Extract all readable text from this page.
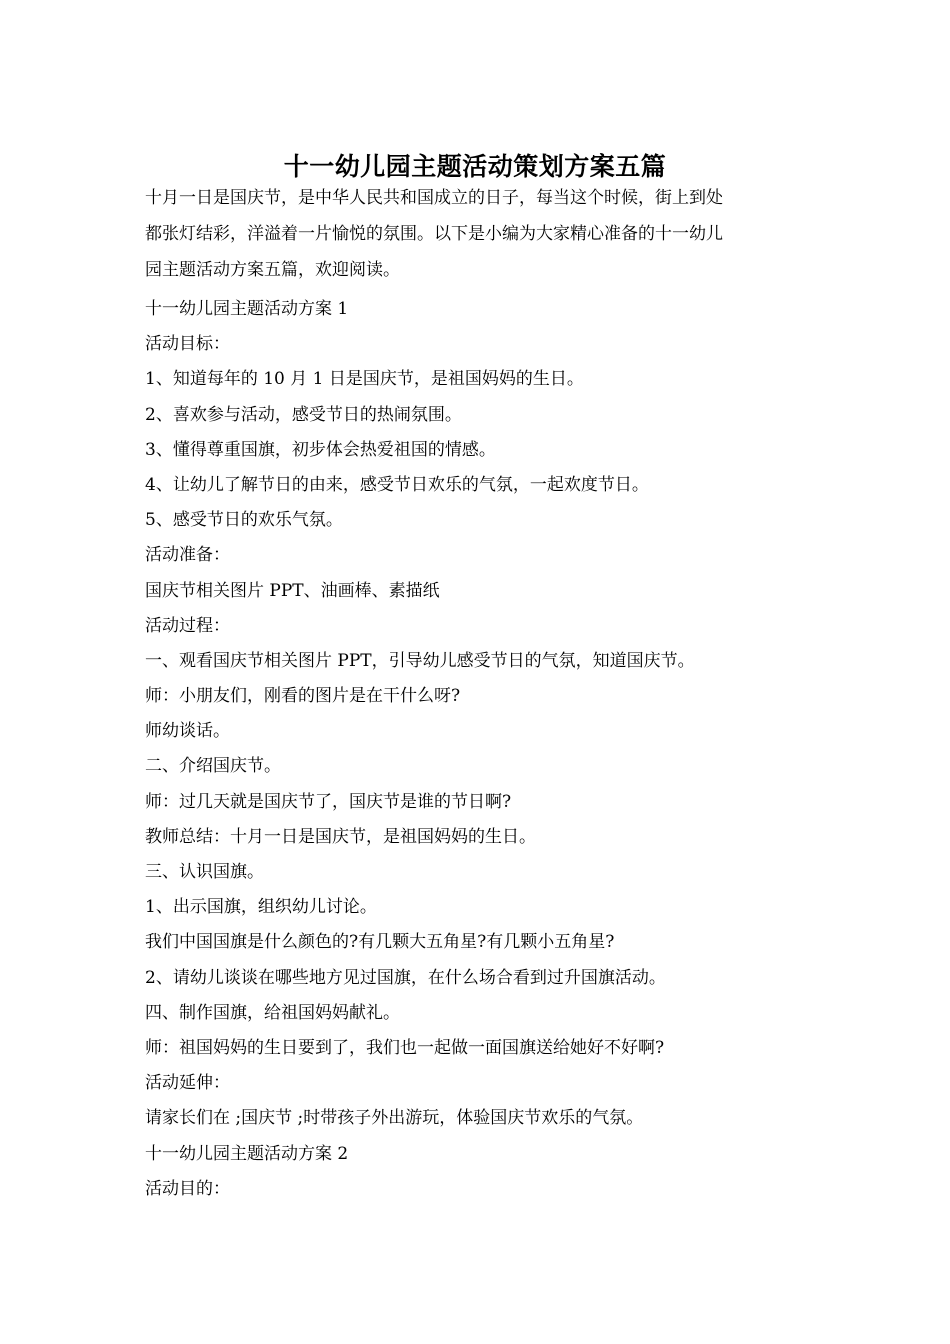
十一幼儿园主题活动策划方案五篇

十月一日是国庆节，是中华人民共和国成立的日子，每当这个时候，街上到处
都张灯结彩，洋溢着一片愉悦的氛围。以下是小编为大家精心准备的十一幼儿
园主题活动方案五篇，欢迎阅读。

十一幼儿园主题活动方案 1
活动目标：
1、知道每年的 10 月 1 日是国庆节，是祖国妈妈的生日。
2、喜欢参与活动，感受节日的热闹氛围。
3、懂得尊重国旗，初步体会热爱祖国的情感。
4、让幼儿了解节日的由来，感受节日欢乐的气氛，一起欢度节日。
5、感受节日的欢乐气氛。
活动准备：
国庆节相关图片 PPT、油画棒、素描纸
活动过程：
一、观看国庆节相关图片 PPT，引导幼儿感受节日的气氛，知道国庆节。
师：小朋友们，刚看的图片是在干什么呀?
师幼谈话。
二、介绍国庆节。
师：过几天就是国庆节了，国庆节是谁的节日啊?
教师总结：十月一日是国庆节，是祖国妈妈的生日。
三、认识国旗。
1、出示国旗，组织幼儿讨论。
我们中国国旗是什么颜色的?有几颗大五角星?有几颗小五角星?
2、请幼儿谈谈在哪些地方见过国旗，在什么场合看到过升国旗活动。
四、制作国旗，给祖国妈妈献礼。
师：祖国妈妈的生日要到了，我们也一起做一面国旗送给她好不好啊?
活动延伸：
请家长们在 ;国庆节 ;时带孩子外出游玩，体验国庆节欢乐的气氛。
十一幼儿园主题活动方案 2
活动目的：
